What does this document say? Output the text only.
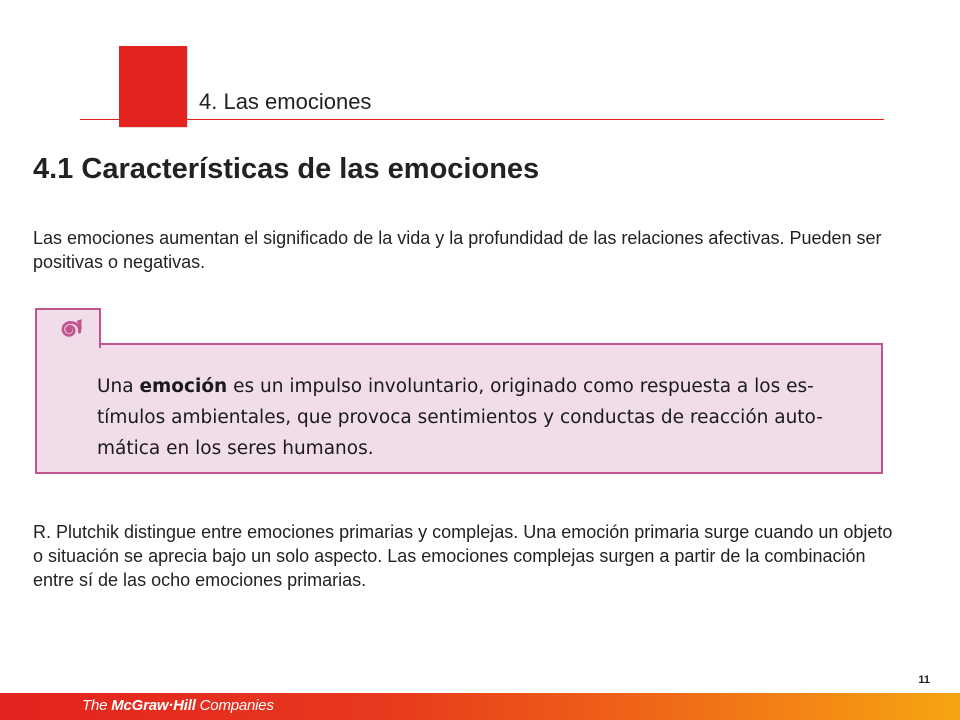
4. Las emociones
4.1 Características de las emociones
Las emociones aumentan el significado de la vida y la profundidad de las relaciones afectivas. Pueden ser positivas o negativas.
Una emoción es un impulso involuntario, originado como respuesta a los es-
tímulos ambientales, que provoca sentimientos y conductas de reacción auto-
mática en los seres humanos.
R. Plutchik distingue entre emociones primarias y complejas. Una emoción primaria surge cuando un objeto o situación se aprecia bajo un solo aspecto. Las emociones complejas surgen a partir de la combinación entre sí de las ocho emociones primarias.
11
The McGraw·Hill Companies
